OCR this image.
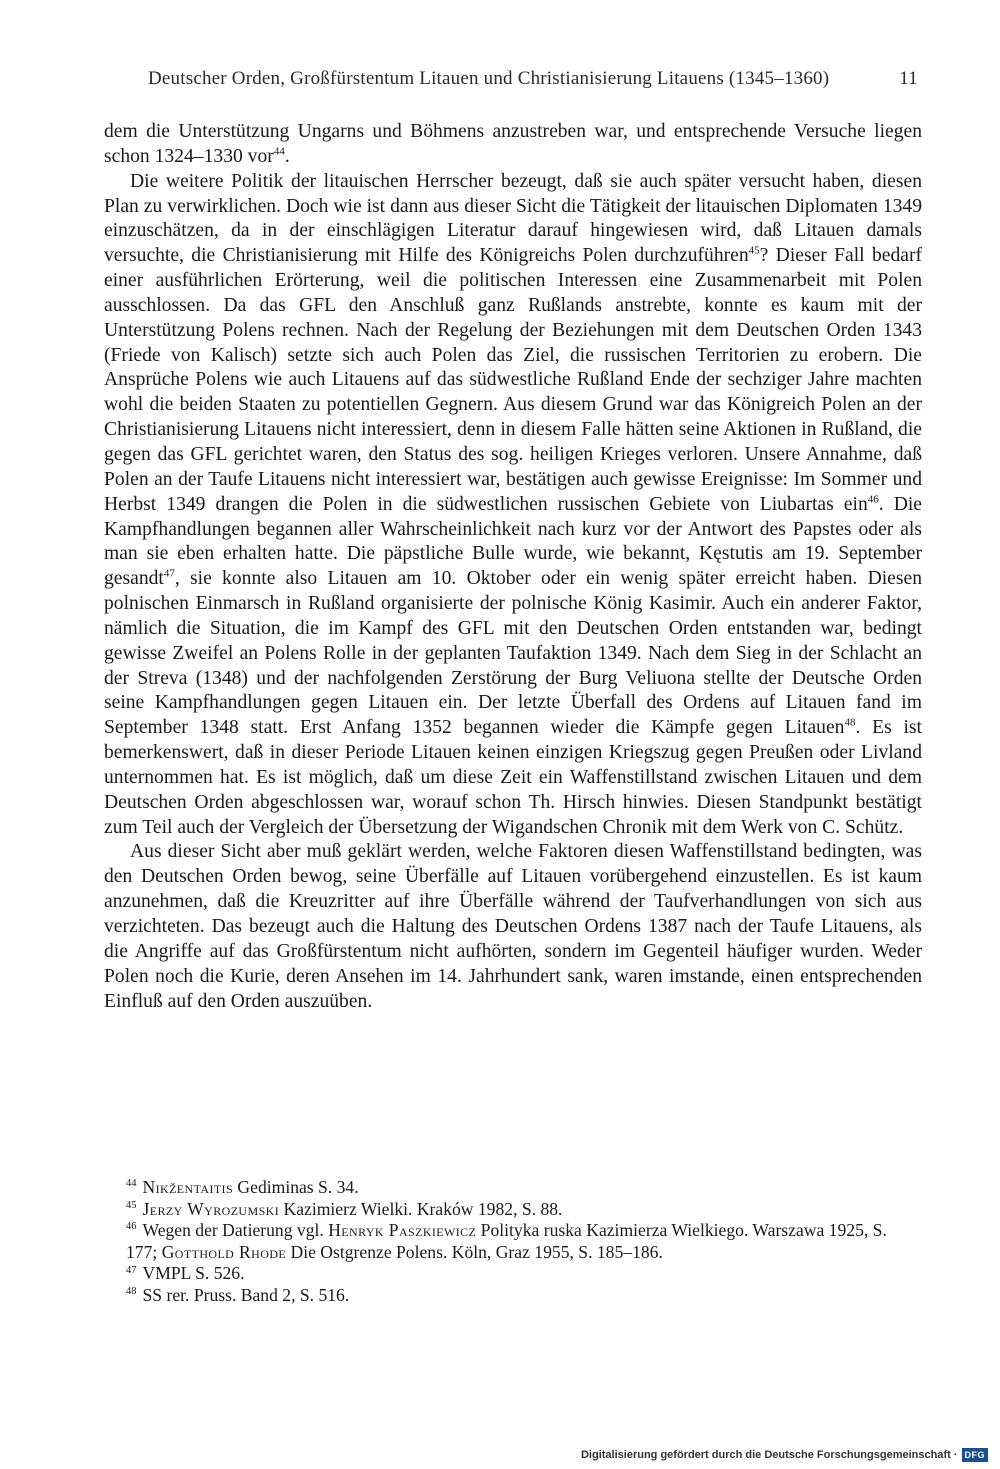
Deutscher Orden, Großfürstentum Litauen und Christianisierung Litauens (1345–1360)	11

dem die Unterstützung Ungarns und Böhmens anzustreben war, und entsprechende Versuche liegen schon 1324–1330 vor$^{44}$.

Die weitere Politik der litauischen Herrscher bezeugt, daß sie auch später versucht haben, diesen Plan zu verwirklichen. Doch wie ist dann aus dieser Sicht die Tätigkeit der litauischen Diplomaten 1349 einzuschätzen, da in der einschlägigen Literatur darauf hingewiesen wird, daß Litauen damals versuchte, die Christianisierung mit Hilfe des Königreichs Polen durchzuführen$^{45}$? Dieser Fall bedarf einer ausführlichen Erörterung, weil die politischen Interessen eine Zusammenarbeit mit Polen ausschlossen. Da das GFL den Anschluß ganz Rußlands anstrebte, konnte es kaum mit der Unterstützung Polens rechnen. Nach der Regelung der Beziehungen mit dem Deutschen Orden 1343 (Friede von Kalisch) setzte sich auch Polen das Ziel, die russischen Territorien zu erobern. Die Ansprüche Polens wie auch Litauens auf das südwestliche Rußland Ende der sechziger Jahre machten wohl die beiden Staaten zu potentiellen Gegnern. Aus diesem Grund war das Königreich Polen an der Christianisierung Litauens nicht interessiert, denn in diesem Falle hätten seine Aktionen in Rußland, die gegen das GFL gerichtet waren, den Status des sog. heiligen Krieges verloren. Unsere Annahme, daß Polen an der Taufe Litauens nicht interessiert war, bestätigen auch gewisse Ereignisse: Im Sommer und Herbst 1349 drangen die Polen in die südwestlichen russischen Gebiete von Liubartas ein$^{46}$. Die Kampfhandlungen begannen aller Wahrscheinlichkeit nach kurz vor der Antwort des Papstes oder als man sie eben erhalten hatte. Die päpstliche Bulle wurde, wie bekannt, Kęstutis am 19. September gesandt$^{47}$, sie konnte also Litauen am 10. Oktober oder ein wenig später erreicht haben. Diesen polnischen Einmarsch in Rußland organisierte der polnische König Kasimir. Auch ein anderer Faktor, nämlich die Situation, die im Kampf des GFL mit den Deutschen Orden entstanden war, bedingt gewisse Zweifel an Polens Rolle in der geplanten Taufaktion 1349. Nach dem Sieg in der Schlacht an der Streva (1348) und der nachfolgenden Zerstörung der Burg Veliuona stellte der Deutsche Orden seine Kampfhandlungen gegen Litauen ein. Der letzte Überfall des Ordens auf Litauen fand im September 1348 statt. Erst Anfang 1352 begannen wieder die Kämpfe gegen Litauen$^{48}$. Es ist bemerkenswert, daß in dieser Periode Litauen keinen einzigen Kriegszug gegen Preußen oder Livland unternommen hat. Es ist möglich, daß um diese Zeit ein Waffenstillstand zwischen Litauen und dem Deutschen Orden abgeschlossen war, worauf schon Th. Hirsch hinwies. Diesen Standpunkt bestätigt zum Teil auch der Vergleich der Übersetzung der Wigandschen Chronik mit dem Werk von C. Schütz.

Aus dieser Sicht aber muß geklärt werden, welche Faktoren diesen Waffenstillstand bedingten, was den Deutschen Orden bewog, seine Überfälle auf Litauen vorübergehend einzustellen. Es ist kaum anzunehmen, daß die Kreuzritter auf ihre Überfälle während der Taufverhandlungen von sich aus verzichteten. Das bezeugt auch die Haltung des Deutschen Ordens 1387 nach der Taufe Litauens, als die Angriffe auf das Großfürstentum nicht aufhörten, sondern im Gegenteil häufiger wurden. Weder Polen noch die Kurie, deren Ansehen im 14. Jahrhundert sank, waren imstande, einen entsprechenden Einfluß auf den Orden auszuüben.

$^{44}$ Nikžentaitis Gediminas S. 34.
$^{45}$ Jerzy Wyrozumski Kazimierz Wielki. Kraków 1982, S. 88.
$^{46}$ Wegen der Datierung vgl. Henryk Paszkiewicz Polityka ruska Kazimierza Wielkiego. Warszawa 1925, S. 177; Gotthold Rhode Die Ostgrenze Polens. Köln, Graz 1955, S. 185–186.
$^{47}$ VMPL S. 526.
$^{48}$ SS rer. Pruss. Band 2, S. 516.
Digitalisierung gefördert durch die Deutsche Forschungsgemeinschaft · DFG
